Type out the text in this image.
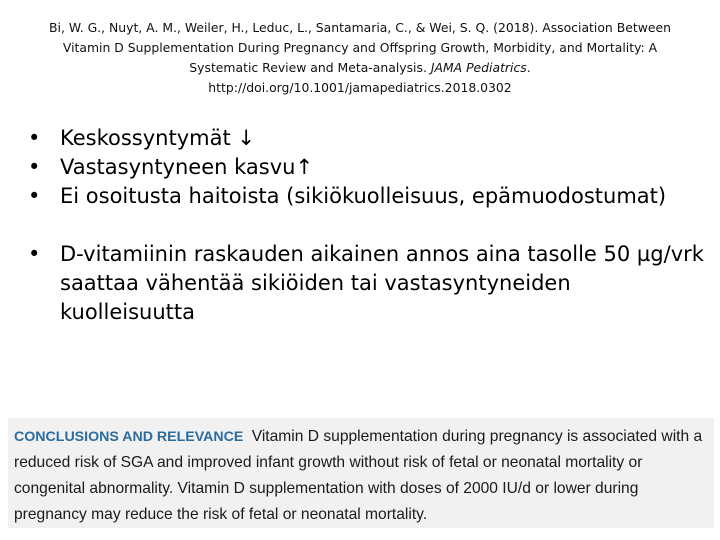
Bi, W. G., Nuyt, A. M., Weiler, H., Leduc, L., Santamaria, C., & Wei, S. Q. (2018). Association Between Vitamin D Supplementation During Pregnancy and Offspring Growth, Morbidity, and Mortality: A Systematic Review and Meta-analysis. JAMA Pediatrics.
http://doi.org/10.1001/jamapediatrics.2018.0302
• Keskossyntymät ↓
• Vastasyntyneen kasvu↑
• Ei osoitusta haitoista (sikiökuolleisuus, epämuodostumat)
• D-vitamiinin raskauden aikainen annos aina tasolle 50 µg/vrk saattaa vähentää sikiöiden tai vastasyntyneiden kuolleisuutta

CONCLUSIONS AND RELEVANCE Vitamin D supplementation during pregnancy is associated with a reduced risk of SGA and improved infant growth without risk of fetal or neonatal mortality or congenital abnormality. Vitamin D supplementation with doses of 2000 IU/d or lower during pregnancy may reduce the risk of fetal or neonatal mortality.
